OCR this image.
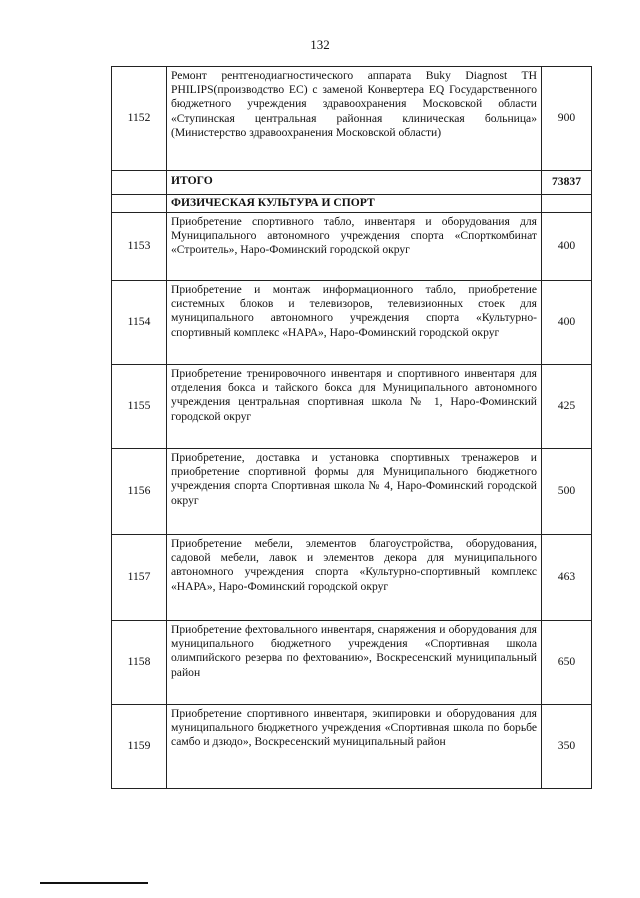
132
1152	Ремонт рентгенодиагностического аппарата Buky Diagnost TH PHILIPS(производство ЕС) с заменой Конвертера EQ Государственного бюджетного учреждения здравоохранения Московской области «Ступинская центральная районная клиническая больница» (Министерство здравоохранения Московской области)	900
	ИТОГО	73837
	ФИЗИЧЕСКАЯ КУЛЬТУРА И СПОРТ	
1153	Приобретение спортивного табло, инвентаря и оборудования для Муниципального автономного учреждения спорта «Спорткомбинат «Строитель», Наро-Фоминский городской округ	400
1154	Приобретение и монтаж информационного табло, приобретение системных блоков и телевизоров, телевизионных стоек для муниципального автономного учреждения спорта «Культурно-спортивный комплекс «НАРА», Наро-Фоминский городской округ	400
1155	Приобретение тренировочного инвентаря и спортивного инвентаря для отделения бокса и тайского бокса для Муниципального автономного учреждения центральная спортивная школа № 1, Наро-Фоминский городской округ	425
1156	Приобретение, доставка и установка спортивных тренажеров и приобретение спортивной формы для Муниципального бюджетного учреждения спорта Спортивная школа № 4, Наро-Фоминский городской округ	500
1157	Приобретение мебели, элементов благоустройства, оборудования, садовой мебели, лавок и элементов декора для муниципального автономного учреждения спорта «Культурно-спортивный комплекс «НАРА», Наро-Фоминский городской округ	463
1158	Приобретение фехтовального инвентаря, снаряжения и оборудования для муниципального бюджетного учреждения «Спортивная школа олимпийского резерва по фехтованию», Воскресенский муниципальный район	650
1159	Приобретение спортивного инвентаря, экипировки и оборудования для муниципального бюджетного учреждения «Спортивная школа по борьбе самбо и дзюдо», Воскресенский муниципальный район	350
